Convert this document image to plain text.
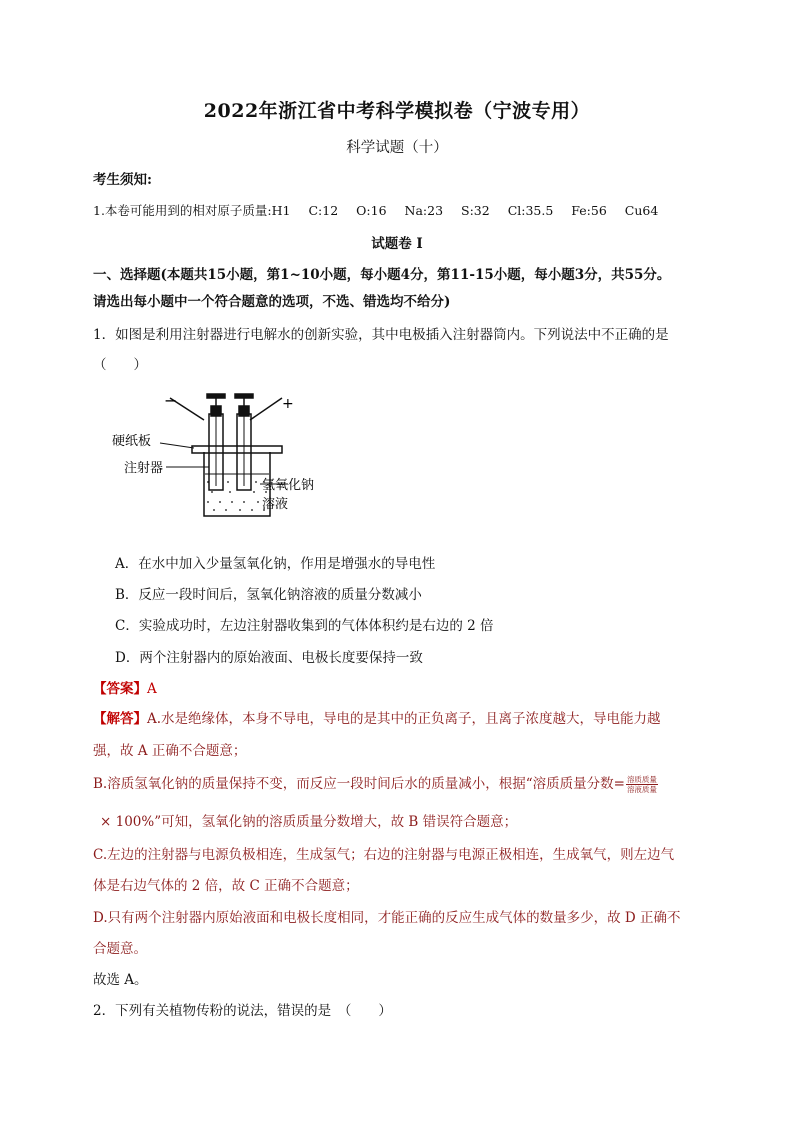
2022年浙江省中考科学模拟卷（宁波专用）
科学试题（十）
考生须知:
1.本卷可能用到的相对原子质量:H1 C:12 O:16 Na:23 S:32 Cl:35.5 Fe:56 Cu64
试题卷 I
一、选择题(本题共15小题，第1~10小题，每小题4分，第11-15小题，每小题3分，共55分。
请选出每小题中一个符合题意的选项，不选、错选均不给分)
1．如图是利用注射器进行电解水的创新实验，其中电极插入注射器筒内。下列说法中不正确的是
（　　）
−	+
硬纸板
注射器
氢氧化钠
溶液
A．在水中加入少量氢氧化钠，作用是增强水的导电性
B．反应一段时间后，氢氧化钠溶液的质量分数减小
C．实验成功时，左边注射器收集到的气体体积约是右边的 2 倍
D．两个注射器内的原始液面、电极长度要保持一致
【答案】A
【解答】A.水是绝缘体，本身不导电，导电的是其中的正负离子，且离子浓度越大，导电能力越
强，故 A 正确不合题意；
B.溶质氢氧化钠的质量保持不变，而反应一段时间后水的质量减小，根据“溶质质量分数= $\frac{\text{溶质质量}}{\text{溶液质量}}$
× 100%”可知，氢氧化钠的溶质质量分数增大，故 B 错误符合题意；
C.左边的注射器与电源负极相连，生成氢气；右边的注射器与电源正极相连，生成氧气，则左边气
体是右边气体的 2 倍，故 C 正确不合题意；
D.只有两个注射器内原始液面和电极长度相同，才能正确的反应生成气体的数量多少，故 D 正确不
合题意。
故选 A。
2．下列有关植物传粉的说法，错误的是　（　　）
